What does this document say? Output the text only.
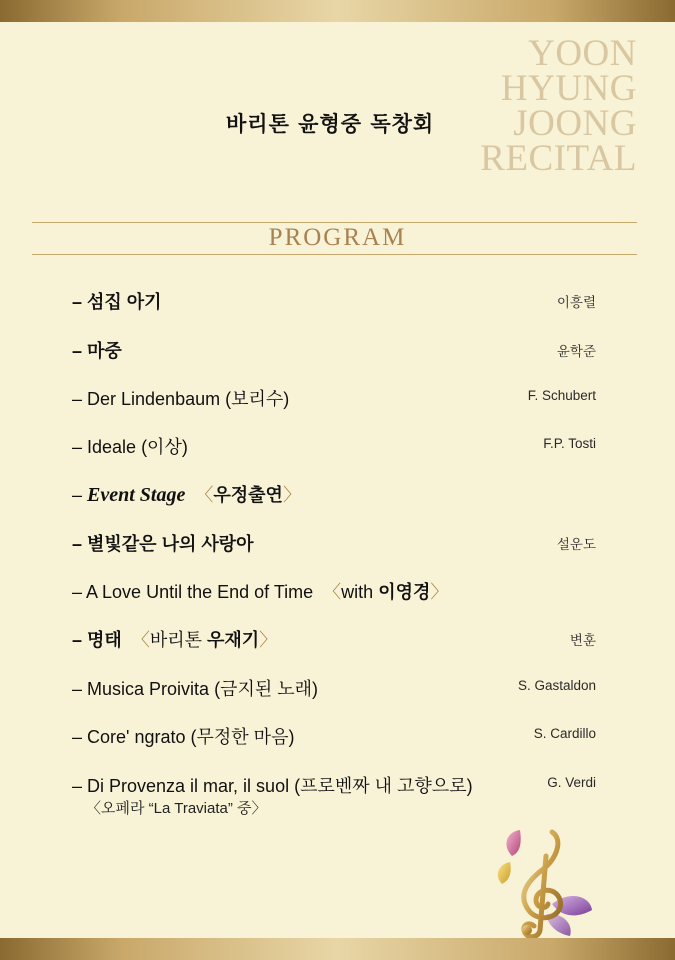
바리톤 윤형중 독창회
YOON
HYUNG
JOONG
RECITAL
PROGRAM
– 섬집 아기	이흥렬
– 마중	윤학준
– Der Lindenbaum (보리수)	F. Schubert
– Ideale (이상)	F.P. Tosti
– Event Stage 〈우정출연〉
– 별빛같은 나의 사랑아	설운도
– A Love Until the End of Time 〈with 이영경〉
– 명태 〈바리톤 우재기〉	변훈
– Musica Proivita (금지된 노래)	S. Gastaldon
– Core' ngrato (무정한 마음)	S. Cardillo
– Di Provenza il mar, il suol (프로벤짜 내 고향으로)	G. Verdi
〈오페라 “La Traviata” 중〉
